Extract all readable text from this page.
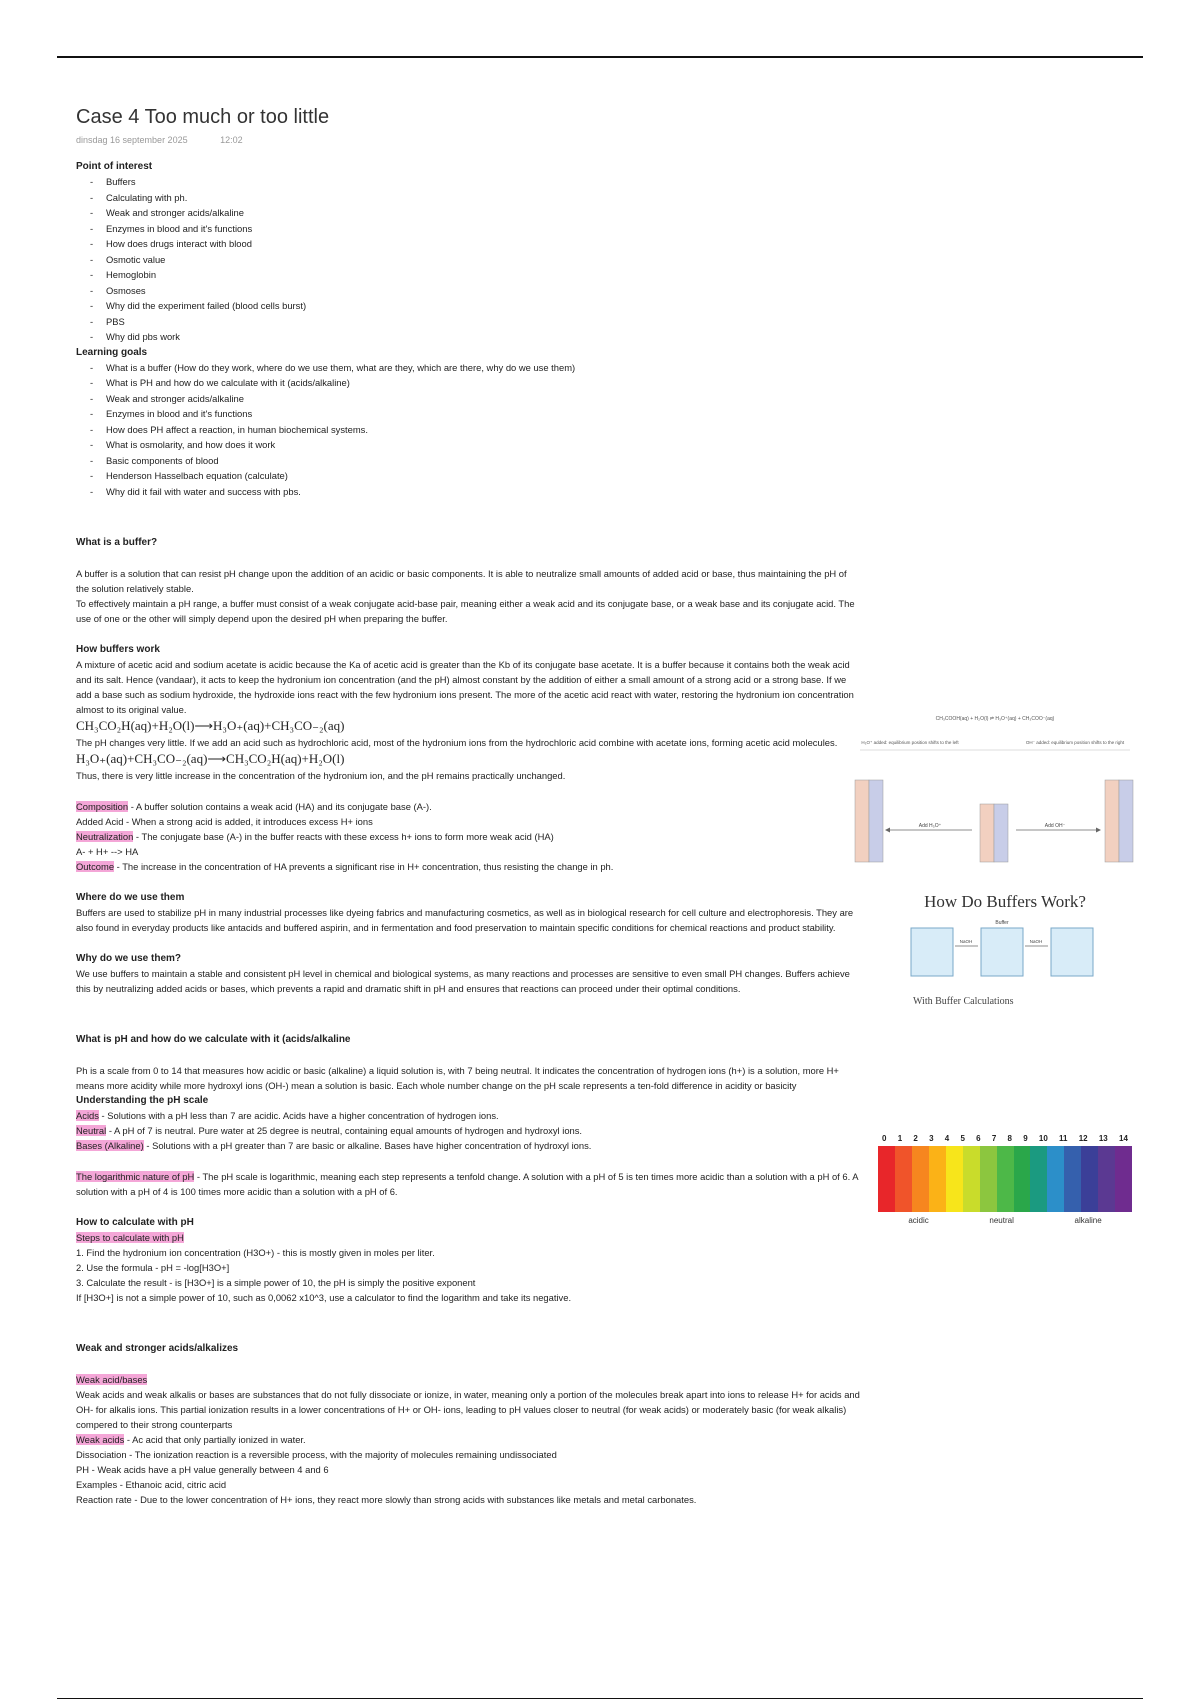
Case 4 Too much or too little
dinsdag 16 september 2025	12:02

Point of interest

- Buffers
- Calculating with ph.
- Weak and stronger acids/alkaline
- Enzymes in blood and it's functions
- How does drugs interact with blood
- Osmotic value
- Hemoglobin
- Osmoses
- Why did the experiment failed (blood cells burst)
- PBS
- Why did pbs work

Learning goals

- What is a buffer (How do they work, where do we use them, what are they, which are there, why do we use them)
- What is PH and how do we calculate with it (acids/alkaline)
- Weak and stronger acids/alkaline
- Enzymes in blood and it's functions
- How does PH affect a reaction, in human biochemical systems.
- What is osmolarity, and how does it work
- Basic components of blood
- Henderson Hasselbach equation (calculate)
- Why did it fail with water and success with pbs.

What is a buffer?

A buffer is a solution that can resist pH change upon the addition of an acidic or basic components. It is able to neutralize small amounts of added acid or base, thus maintaining the pH of the solution relatively stable.

To effectively maintain a pH range, a buffer must consist of a weak conjugate acid-base pair, meaning either a weak acid and its conjugate base, or a weak base and its conjugate acid. The use of one or the other will simply depend upon the desired pH when preparing the buffer.

How buffers work

A mixture of acetic acid and sodium acetate is acidic because the Ka of acetic acid is greater than the Kb of its conjugate base acetate. It is a buffer because it contains both the weak acid and its salt. Hence (vandaar), it acts to keep the hydronium ion concentration (and the pH) almost constant by the addition of either a small amount of a strong acid or a strong base. If we add a base such as sodium hydroxide, the hydroxide ions react with the few hydronium ions present. The more of the acetic acid react with water, restoring the hydronium ion concentration almost to its original value.

CH₃CO₂H(aq)+H₂O(l)⟶H₃O₊(aq)+CH₃CO₋₂(aq)

The pH changes very little. If we add an acid such as hydrochloric acid, most of the hydronium ions from the hydrochloric acid combine with acetate ions, forming acetic acid molecules.

H₃O₊(aq)+CH₃CO₋₂(aq)⟶CH₃CO₂H(aq)+H₂O(l)

Thus, there is very little increase in the concentration of the hydronium ion, and the pH remains practically unchanged.

Composition - A buffer solution contains a weak acid (HA) and its conjugate base (A-).

Added Acid - When a strong acid is added, it introduces excess H+ ions

Neutralization - The conjugate base (A-) in the buffer reacts with these excess h+ ions to form more weak acid (HA)

A- + H+ --> HA

Outcome - The increase in the concentration of HA prevents a significant rise in H+ concentration, thus resisting the change in ph.

Where do we use them

Buffers are used to stabilize pH in many industrial processes like dyeing fabrics and manufacturing cosmetics, as well as in biological research for cell culture and electrophoresis. They are also found in everyday products like antacids and buffered aspirin, and in fermentation and food preservation to maintain specific conditions for chemical reactions and product stability.

Why do we use them?

We use buffers to maintain a stable and consistent pH level in chemical and biological systems, as many reactions and processes are sensitive to even small PH changes. Buffers achieve this by neutralizing added acids or bases, which prevents a rapid and dramatic shift in pH and ensures that reactions can proceed under their optimal conditions.

What is pH and how do we calculate with it (acids/alkaline

Ph is a scale from 0 to 14 that measures how acidic or basic (alkaline) a liquid solution is, with 7 being neutral. It indicates the concentration of hydrogen ions (h+) is a solution, more H+ means more acidity while more hydroxyl ions (OH-) mean a solution is basic. Each whole number change on the pH scale represents a ten-fold difference in acidity or basicity

Understanding the pH scale

Acids - Solutions with a pH less than 7 are acidic. Acids have a higher concentration of hydrogen ions.

Neutral - A pH of 7 is neutral. Pure water at 25 degree is neutral, containing equal amounts of hydrogen and hydroxyl ions.

Bases (Alkaline) - Solutions with a pH greater than 7 are basic or alkaline. Bases have higher concentration of hydroxyl ions.

The logarithmic nature of pH - The pH scale is logarithmic, meaning each step represents a tenfold change. A solution with a pH of 5 is ten times more acidic than a solution with a pH of 6. A solution with a pH of 4 is 100 times more acidic than a solution with a pH of 6.

How to calculate with pH

Steps to calculate with pH

1. Find the hydronium ion concentration (H3O+) - this is mostly given in moles per liter.

2. Use the formula - pH = -log[H3O+]

3. Calculate the result - is [H3O+] is a simple power of 10, the pH is simply the positive exponent

If [H3O+] is not a simple power of 10, such as 0,0062 x10^3, use a calculator to find the logarithm and take its negative.

Weak and stronger acids/alkalizes

Weak acid/bases

Weak acids and weak alkalis or bases are substances that do not fully dissociate or ionize, in water, meaning only a portion of the molecules break apart into ions to release H+ for acids and OH- for alkalis ions. This partial ionization results in a lower concentrations of H+ or OH- ions, leading to pH values closer to neutral (for weak acids) or moderately basic (for weak alkalis) compered to their strong counterparts

Weak acids - Ac acid that only partially ionized in water.

Dissociation - The ionization reaction is a reversible process, with the majority of molecules remaining undissociated

PH - Weak acids have a pH value generally between 4 and 6

Examples - Ethanoic acid, citric acid

Reaction rate - Due to the lower concentration of H+ ions, they react more slowly than strong acids with substances like metals and metal carbonates.

CH₃COOH(aq) + H₂O(l) ⇌ H₃O⁺(aq) + CH₃COO⁻(aq)
H₃O⁺ added: equilibrium position shifts to the left	OH⁻ added: equilibrium position shifts to the right
Add H₃O⁺	Add OH⁻
How Do Buffers Work?
Buffer
NaOH	NaOH
With Buffer Calculations
0 1 2 3 4 5 6 7 8 9 10 11 12 13 14
acidic	neutral	alkaline
